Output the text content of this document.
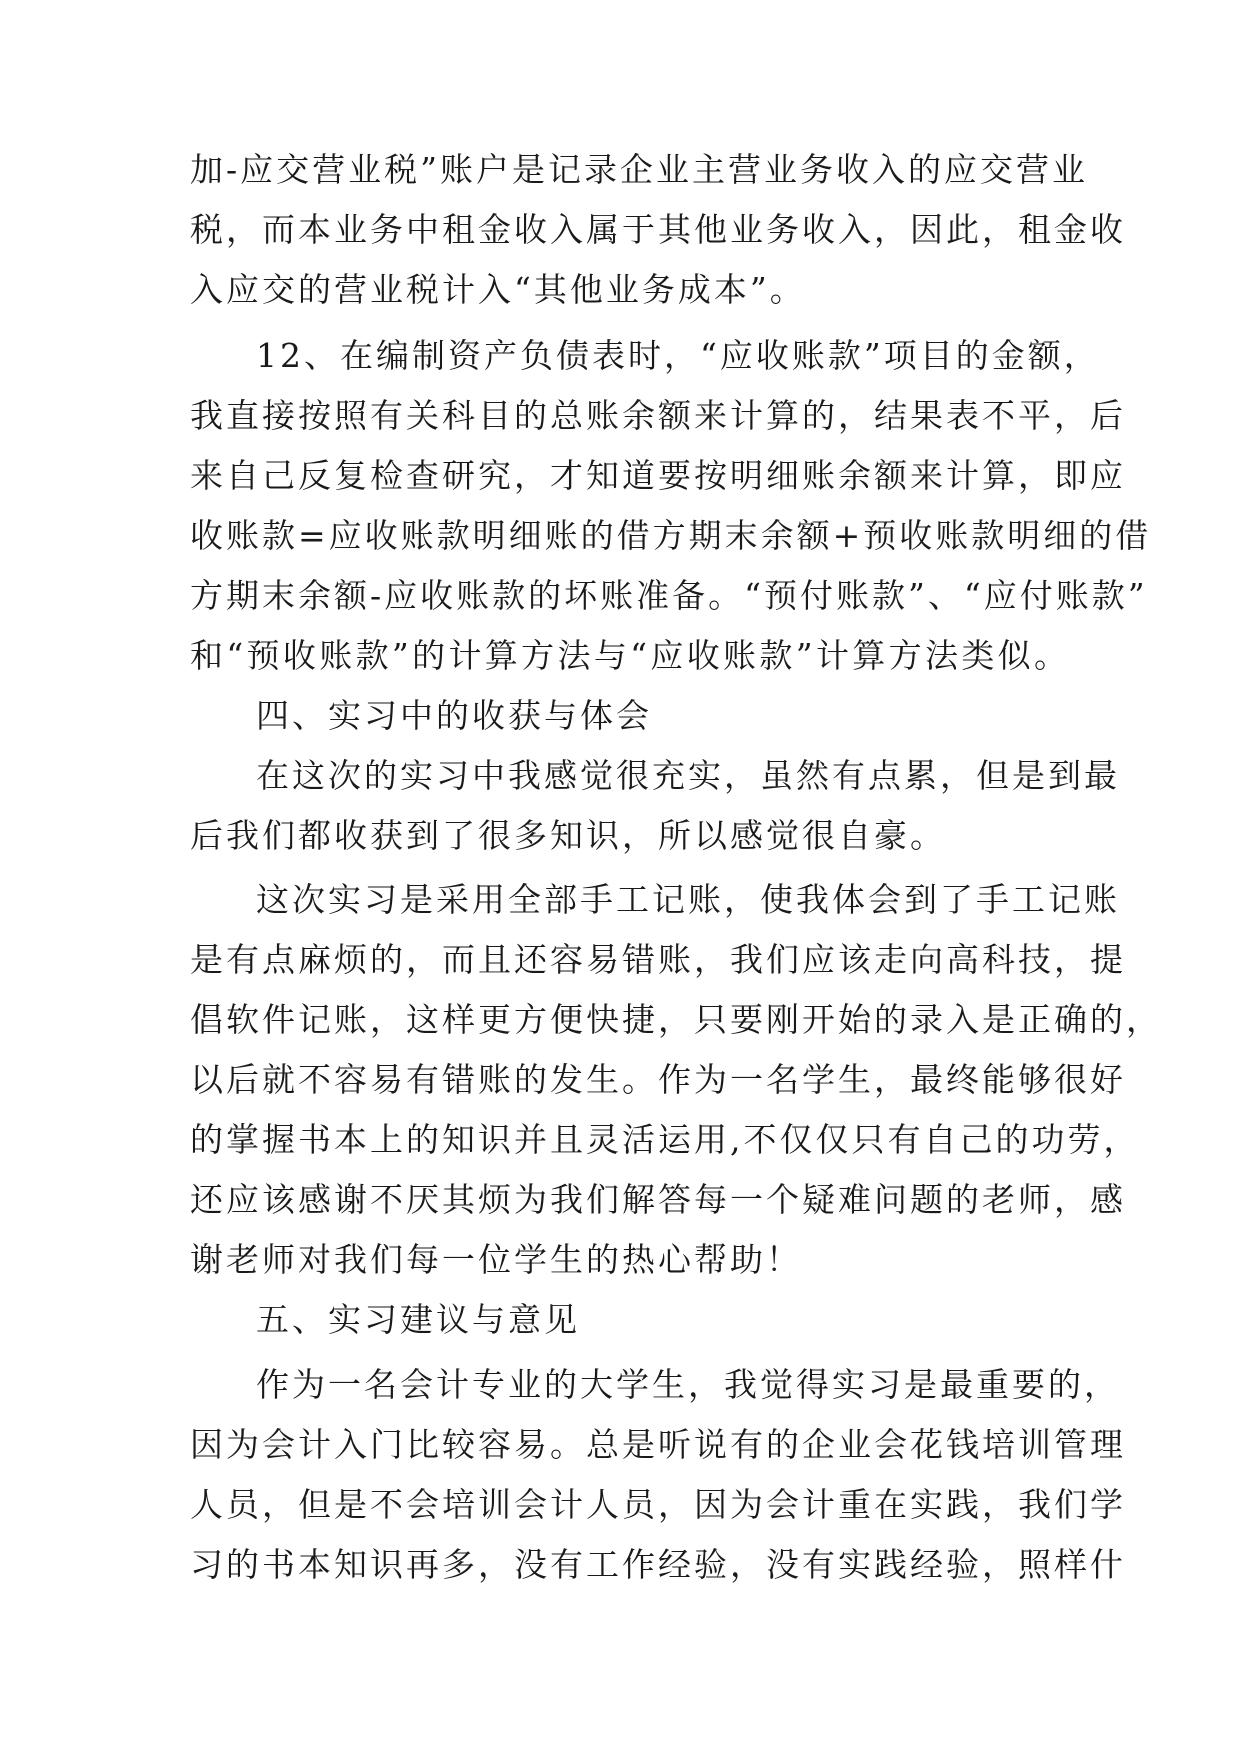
加-应交营业税”账户是记录企业主营业务收入的应交营业
税，而本业务中租金收入属于其他业务收入，因此，租金收
入应交的营业税计入“其他业务成本”。
12、在编制资产负债表时，“应收账款”项目的金额，
我直接按照有关科目的总账余额来计算的，结果表不平，后
来自己反复检查研究，才知道要按明细账余额来计算，即应
收账款=应收账款明细账的借方期末余额+预收账款明细的借
方期末余额-应收账款的坏账准备。“预付账款”、“应付账款”
和“预收账款”的计算方法与“应收账款”计算方法类似。
四、实习中的收获与体会
在这次的实习中我感觉很充实，虽然有点累，但是到最
后我们都收获到了很多知识，所以感觉很自豪。
这次实习是采用全部手工记账，使我体会到了手工记账
是有点麻烦的，而且还容易错账，我们应该走向高科技，提
倡软件记账，这样更方便快捷，只要刚开始的录入是正确的，
以后就不容易有错账的发生。作为一名学生，最终能够很好
的掌握书本上的知识并且灵活运用,不仅仅只有自己的功劳，
还应该感谢不厌其烦为我们解答每一个疑难问题的老师，感
谢老师对我们每一位学生的热心帮助！
五、实习建议与意见
作为一名会计专业的大学生，我觉得实习是最重要的，
因为会计入门比较容易。总是听说有的企业会花钱培训管理
人员，但是不会培训会计人员，因为会计重在实践，我们学
习的书本知识再多，没有工作经验，没有实践经验，照样什
